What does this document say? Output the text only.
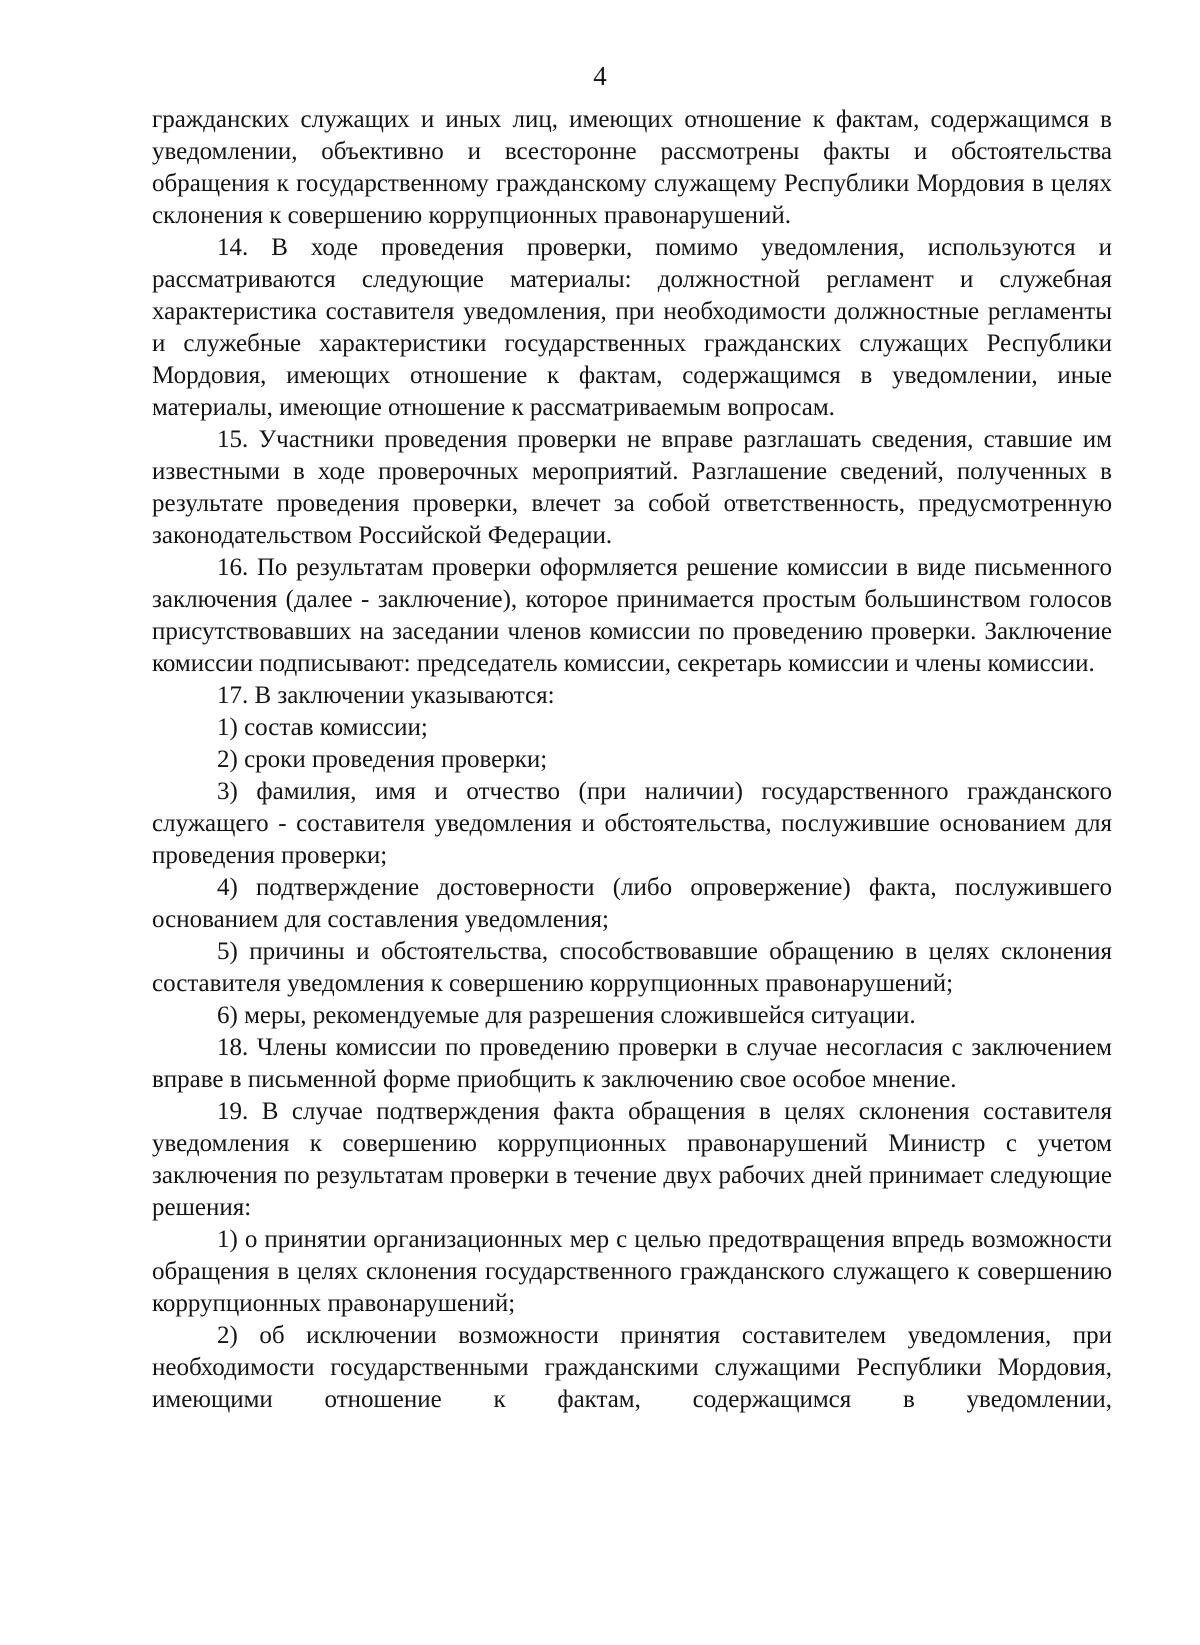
4

гражданских служащих и иных лиц, имеющих отношение к фактам, содержащимся в уведомлении, объективно и всесторонне рассмотрены факты и обстоятельства обращения к государственному гражданскому служащему Республики Мордовия в целях склонения к совершению коррупционных правонарушений.

14. В ходе проведения проверки, помимо уведомления, используются и рассматриваются следующие материалы: должностной регламент и служебная характеристика составителя уведомления, при необходимости должностные регламенты и служебные характеристики государственных гражданских служащих Республики Мордовия, имеющих отношение к фактам, содержащимся в уведомлении, иные материалы, имеющие отношение к рассматриваемым вопросам.

15. Участники проведения проверки не вправе разглашать сведения, ставшие им известными в ходе проверочных мероприятий. Разглашение сведений, полученных в результате проведения проверки, влечет за собой ответственность, предусмотренную законодательством Российской Федерации.

16. По результатам проверки оформляется решение комиссии в виде письменного заключения (далее - заключение), которое принимается простым большинством голосов присутствовавших на заседании членов комиссии по проведению проверки. Заключение комиссии подписывают: председатель комиссии, секретарь комиссии и члены комиссии.

17. В заключении указываются:

1) состав комиссии;

2) сроки проведения проверки;

3) фамилия, имя и отчество (при наличии) государственного гражданского служащего - составителя уведомления и обстоятельства, послужившие основанием для проведения проверки;

4) подтверждение достоверности (либо опровержение) факта, послужившего основанием для составления уведомления;

5) причины и обстоятельства, способствовавшие обращению в целях склонения составителя уведомления к совершению коррупционных правонарушений;

6) меры, рекомендуемые для разрешения сложившейся ситуации.

18. Члены комиссии по проведению проверки в случае несогласия с заключением вправе в письменной форме приобщить к заключению свое особое мнение.

19. В случае подтверждения факта обращения в целях склонения составителя уведомления к совершению коррупционных правонарушений Министр с учетом заключения по результатам проверки в течение двух рабочих дней принимает следующие решения:

1) о принятии организационных мер с целью предотвращения впредь возможности обращения в целях склонения государственного гражданского служащего к совершению коррупционных правонарушений;

2) об исключении возможности принятия составителем уведомления, при необходимости государственными гражданскими служащими Республики Мордовия, имеющими отношение к фактам, содержащимся в уведомлении,
